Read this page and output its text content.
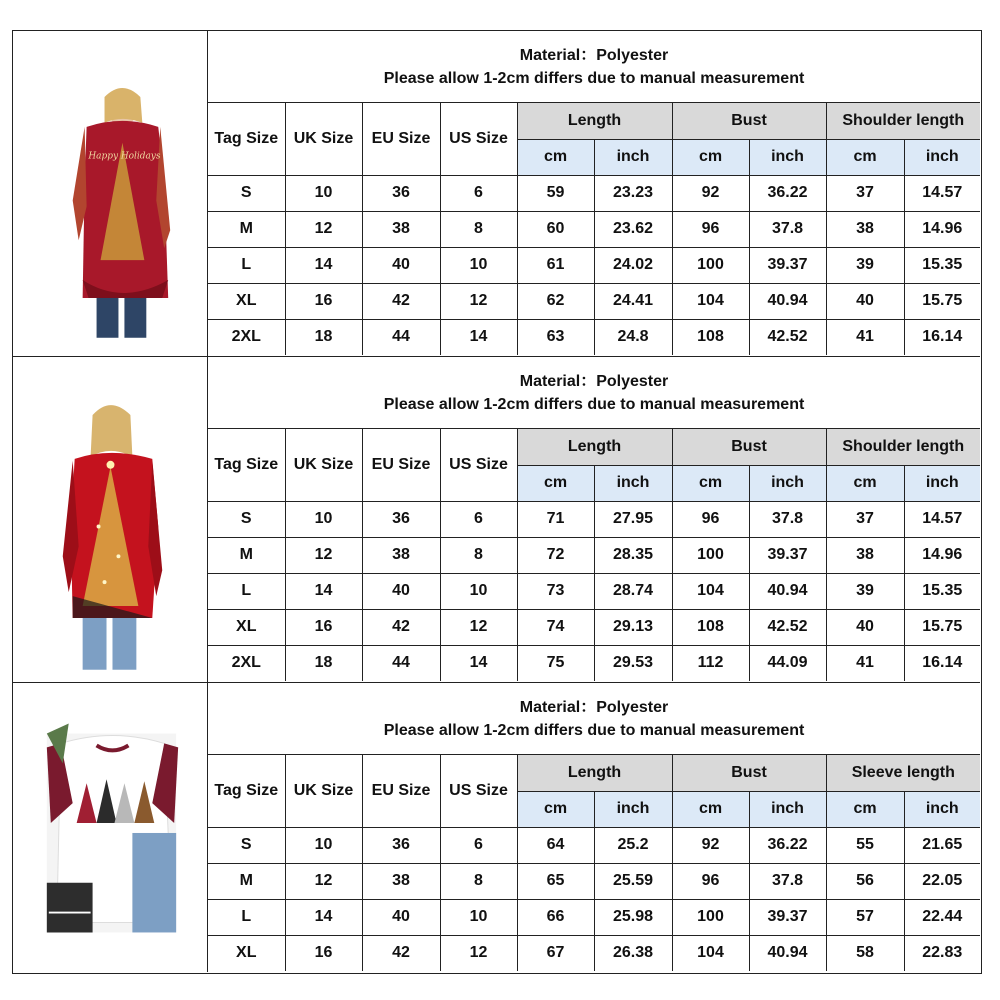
Happy Holidays
Material：Polyester
Please allow 1-2cm differs due to manual measurement
Tag Size	UK Size	EU Size	US Size	Length		Bust		Shoulder length	
				cm	inch	cm	inch	cm	inch
S	10	36	6	59	23.23	92	36.22	37	14.57
M	12	38	8	60	23.62	96	37.8	38	14.96
L	14	40	10	61	24.02	100	39.37	39	15.35
XL	16	42	12	62	24.41	104	40.94	40	15.75
2XL	18	44	14	63	24.8	108	42.52	41	16.14
Material：Polyester
Please allow 1-2cm differs due to manual measurement
Tag Size	UK Size	EU Size	US Size	Length		Bust		Shoulder length	
				cm	inch	cm	inch	cm	inch
S	10	36	6	71	27.95	96	37.8	37	14.57
M	12	38	8	72	28.35	100	39.37	38	14.96
L	14	40	10	73	28.74	104	40.94	39	15.35
XL	16	42	12	74	29.13	108	42.52	40	15.75
2XL	18	44	14	75	29.53	112	44.09	41	16.14
Material：Polyester
Please allow 1-2cm differs due to manual measurement
Tag Size	UK Size	EU Size	US Size	Length		Bust		Sleeve length	
				cm	inch	cm	inch	cm	inch
S	10	36	6	64	25.2	92	36.22	55	21.65
M	12	38	8	65	25.59	96	37.8	56	22.05
L	14	40	10	66	25.98	100	39.37	57	22.44
XL	16	42	12	67	26.38	104	40.94	58	22.83
